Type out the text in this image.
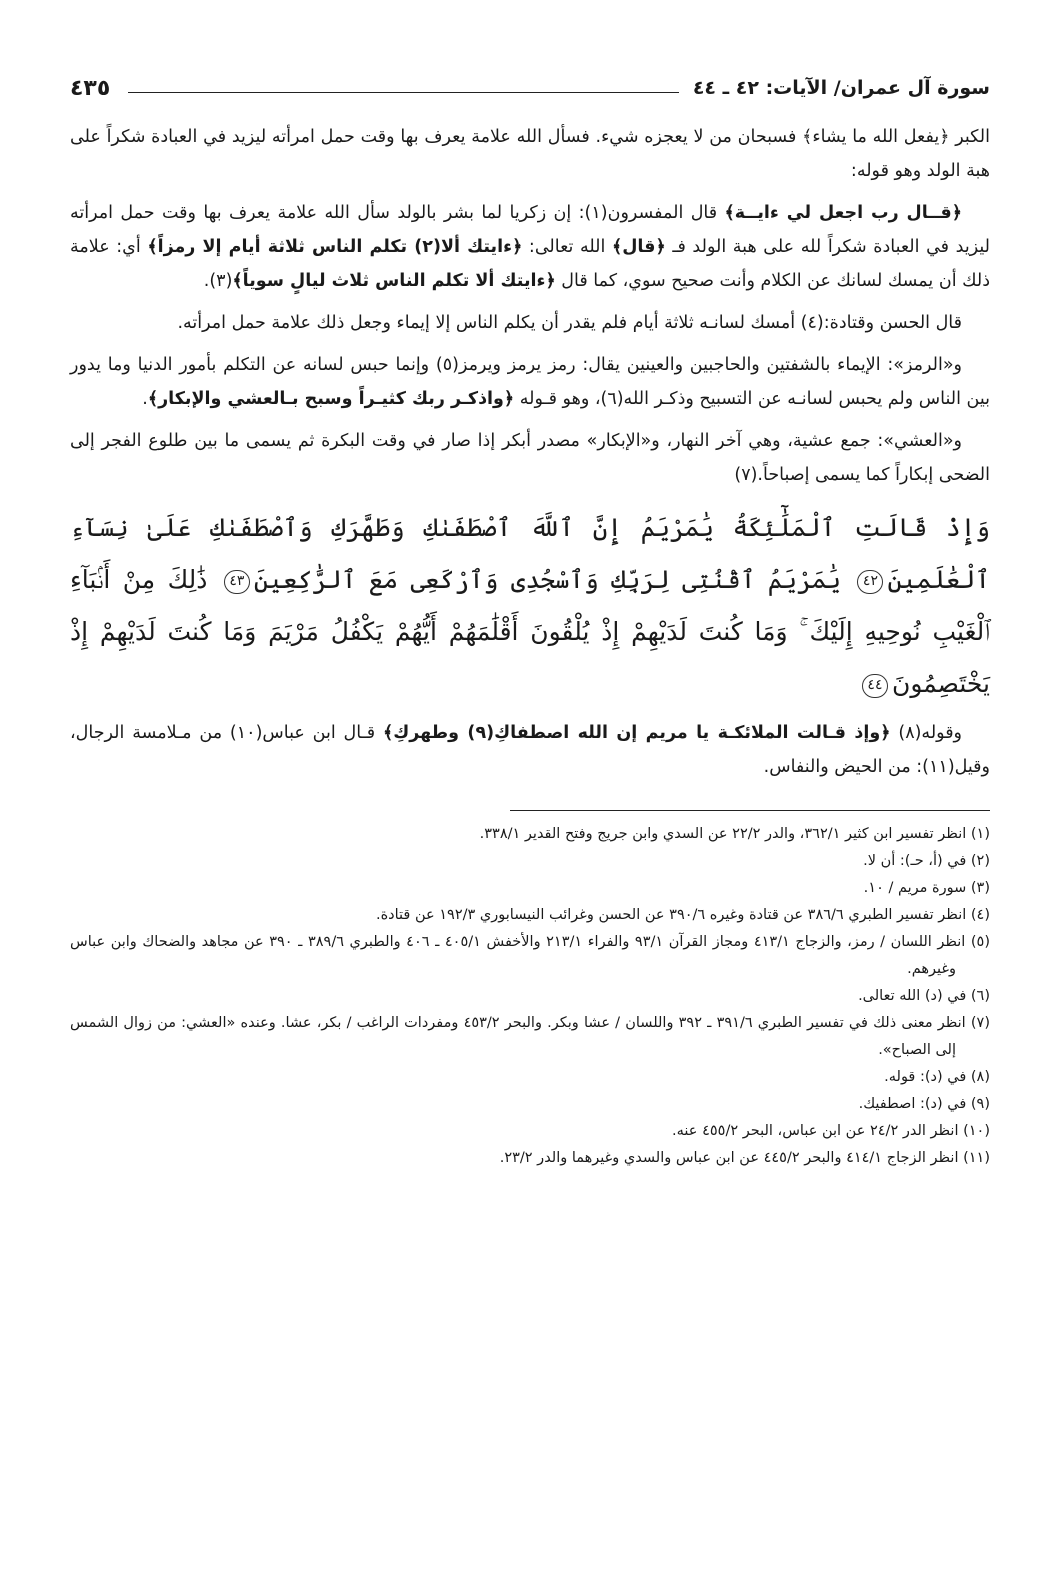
سورة آل عمران/ الآيات: ٤٢ ـ ٤٤
٤٣٥

الكبر ﴿يفعل الله ما يشاء﴾ فسبحان من لا يعجزه شيء. فسأل الله علامة يعرف بها وقت حمل امرأته ليزيد في العبادة شكراً على هبة الولد وهو قوله:

﴿قــال رب اجعل لي ءايــة﴾ قال المفسرون(١): إن زكريا لما بشر بالولد سأل الله علامة يعرف بها وقت حمل امرأته ليزيد في العبادة شكراً لله على هبة الولد فـ ﴿قال﴾ الله تعالى: ﴿ءايتك ألا(٢) تكلم الناس ثلاثة أيام إلا رمزاً﴾ أي: علامة ذلك أن يمسك لسانك عن الكلام وأنت صحيح سوي، كما قال ﴿ءايتك ألا تكلم الناس ثلاث ليالٍ سوياً﴾(٣).

قال الحسن وقتادة:(٤) أمسك لسانـه ثلاثة أيام فلم يقدر أن يكلم الناس إلا إيماء وجعل ذلك علامة حمل امرأته.

و«الرمز»: الإيماء بالشفتين والحاجبين والعينين يقال: رمز يرمز ويرمز(٥) وإنما حبس لسانه عن التكلم بأمور الدنيا وما يدور بين الناس ولم يحبس لسانـه عن التسبيح وذكـر الله(٦)، وهو قـوله ﴿واذكـر ربك كثيـراً وسبح بـالعشي والإبكار﴾.

و«العشي»: جمع عشية، وهي آخر النهار، و«الإبكار» مصدر أبكر إذا صار في وقت البكرة ثم يسمى ما بين طلوع الفجر إلى الضحى إبكاراً كما يسمى إصباحاً.(٧)

وَإِذْ قَالَتِ ٱلْمَلَٰٓئِكَةُ يَٰمَرْيَمُ إِنَّ ٱللَّهَ ٱصْطَفَىٰكِ وَطَهَّرَكِ وَٱصْطَفَىٰكِ عَلَىٰ نِسَآءِ ٱلْعَٰلَمِينَ٤٢ يَٰمَرْيَمُ ٱقْنُتِى لِرَبِّكِ وَٱسْجُدِى وَٱرْكَعِى مَعَ ٱلرَّٰكِعِينَ٤٣ ذَٰلِكَ مِنْ أَنۢبَآءِ ٱلْغَيْبِ نُوحِيهِ إِلَيْكَ ۚ وَمَا كُنتَ لَدَيْهِمْ إِذْ يُلْقُونَ أَقْلَٰمَهُمْ أَيُّهُمْ يَكْفُلُ مَرْيَمَ وَمَا كُنتَ لَدَيْهِمْ إِذْ يَخْتَصِمُونَ٤٤

وقوله(٨) ﴿وإذ قـالت الملائكـة يا مريم إن الله اصطفاكِ(٩) وطهركِ﴾ قـال ابن عباس(١٠) من مـلامسة الرجال، وقيل(١١): من الحيض والنفاس.

(١) انظر تفسير ابن كثير ٣٦٢/١، والدر ٢٢/٢ عن السدي وابن جريج وفتح القدير ٣٣٨/١.

(٢) في (أ، حـ): أن لا.

(٣) سورة مريم / ١٠.

(٤) انظر تفسير الطبري ٣٨٦/٦ عن قتادة وغيره ٣٩٠/٦ عن الحسن وغرائب النيسابوري ١٩٢/٣ عن قتادة.

(٥) انظر اللسان / رمز، والزجاج ٤١٣/١ ومجاز القرآن ٩٣/١ والفراء ٢١٣/١ والأخفش ٤٠٥/١ ـ ٤٠٦ والطبري ٣٨٩/٦ ـ ٣٩٠ عن مجاهد والضحاك وابن عباس وغيرهم.

(٦) في (د) الله تعالى.

(٧) انظر معنى ذلك في تفسير الطبري ٣٩١/٦ ـ ٣٩٢ واللسان / عشا وبكر. والبحر ٤٥٣/٢ ومفردات الراغب / بكر، عشا. وعنده «العشي: من زوال الشمس إلى الصباح».

(٨) في (د): قوله.

(٩) في (د): اصطفيك.

(١٠) انظر الدر ٢٤/٢ عن ابن عباس، البحر ٤٥٥/٢ عنه.

(١١) انظر الزجاج ٤١٤/١ والبحر ٤٤٥/٢ عن ابن عباس والسدي وغيرهما والدر ٢٣/٢.
